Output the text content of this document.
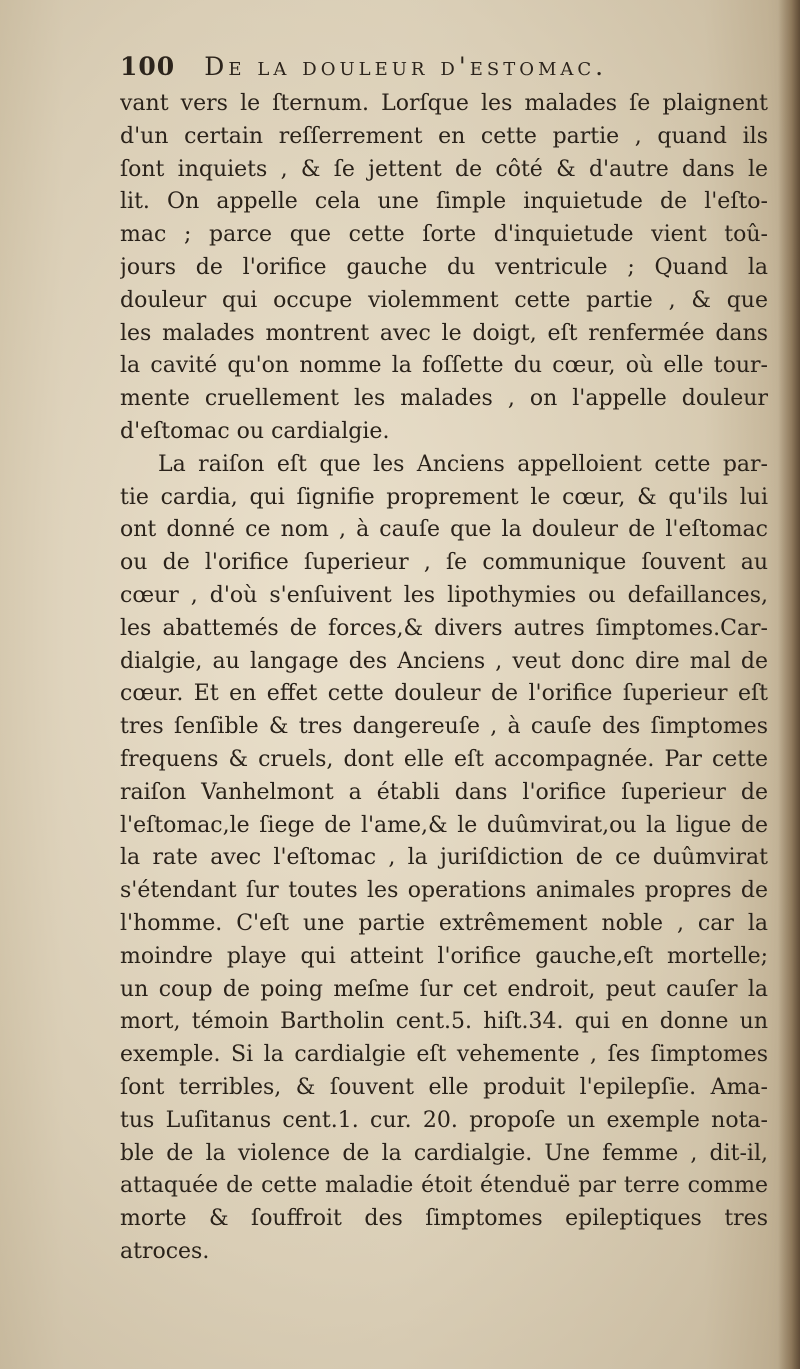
100 De la douleur d'estomac.
vant vers le ſternum. Lorſque les malades ſe plaignent
d'un certain reſſerrement en cette partie , quand ils
ſont inquiets , & ſe jettent de côté & d'autre dans le
lit. On appelle cela une ſimple inquietude de l'eſto-
mac ; parce que cette ſorte d'inquietude vient toû-
jours de l'orifice gauche du ventricule ; Quand la
douleur qui occupe violemment cette partie , & que
les malades montrent avec le doigt, eſt renfermée dans
la cavité qu'on nomme la foſſette du cœur, où elle tour-
mente cruellement les malades , on l'appelle douleur
d'eſtomac ou cardialgie.
La raiſon eſt que les Anciens appelloient cette par-
tie cardia, qui ſignifie proprement le cœur, & qu'ils lui
ont donné ce nom , à cauſe que la douleur de l'eſtomac
ou de l'orifice ſuperieur , ſe communique ſouvent au
cœur , d'où s'enſuivent les lipothymies ou defaillances,
les abattemés de forces,& divers autres ſimptomes.Car-
dialgie, au langage des Anciens , veut donc dire mal de
cœur. Et en effet cette douleur de l'orifice ſuperieur eſt
tres ſenſible & tres dangereuſe , à cauſe des ſimptomes
frequens & cruels, dont elle eſt accompagnée. Par cette
raiſon Vanhelmont a établi dans l'orifice ſuperieur de
l'eſtomac,le ſiege de l'ame,& le duûmvirat,ou la ligue de
la rate avec l'eſtomac , la juriſdiction de ce duûmvirat
s'étendant ſur toutes les operations animales propres de
l'homme. C'eſt une partie extrêmement noble , car la
moindre playe qui atteint l'orifice gauche,eſt mortelle;
un coup de poing meſme ſur cet endroit, peut cauſer la
mort, témoin Bartholin cent.5. hiſt.34. qui en donne un
exemple. Si la cardialgie eſt vehemente , ſes ſimptomes
ſont terribles, & ſouvent elle produit l'epilepſie. Ama-
tus Luſitanus cent.1. cur. 20. propoſe un exemple nota-
ble de la violence de la cardialgie. Une femme , dit-il,
attaquée de cette maladie étoit étenduë par terre comme
morte & ſouffroit des ſimptomes epileptiques tres
atroces.
